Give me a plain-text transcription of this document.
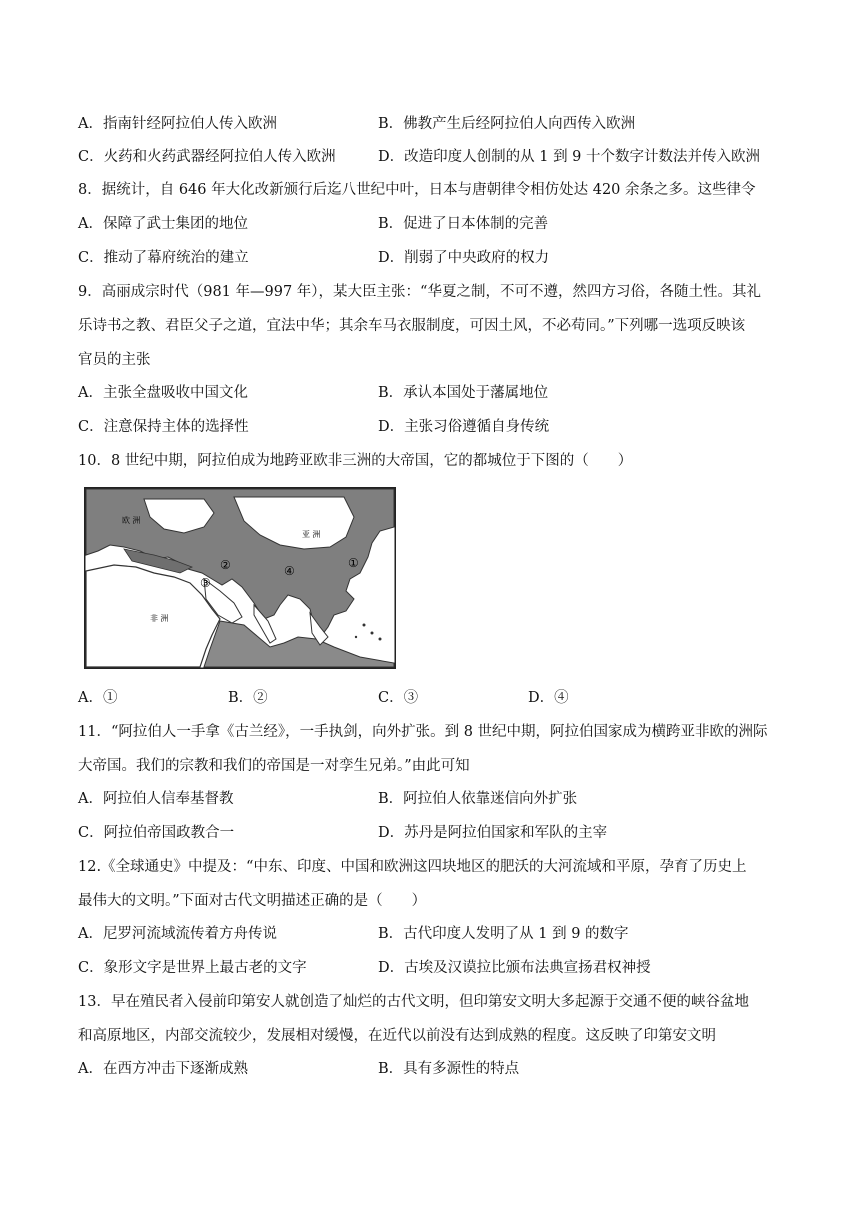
A．指南针经阿拉伯人传入欧洲	B．佛教产生后经阿拉伯人向西传入欧洲
C．火药和火药武器经阿拉伯人传入欧洲	D．改造印度人创制的从 1 到 9 十个数字计数法并传入欧洲
8．据统计，自 646 年大化改新颁行后迄八世纪中叶，日本与唐朝律令相仿处达 420 余条之多。这些律令
A．保障了武士集团的地位	B．促进了日本体制的完善
C．推动了幕府统治的建立	D．削弱了中央政府的权力
9．高丽成宗时代（981 年—997 年），某大臣主张：“华夏之制，不可不遵，然四方习俗，各随土性。其礼
乐诗书之教、君臣父子之道，宜法中华；其余车马衣服制度，可因土风，不必苟同。”下列哪一选项反映该
官员的主张
A．主张全盘吸收中国文化	B．承认本国处于藩属地位
C．注意保持主体的选择性	D．主张习俗遵循自身传统
10．8 世纪中期，阿拉伯成为地跨亚欧非三洲的大帝国，它的都城位于下图的（　　）
欧 洲
亚 洲
非 洲
①
②
③
④
A．①	B．②	C．③	D．④
11．“阿拉伯人一手拿《古兰经》，一手执剑，向外扩张。到 8 世纪中期，阿拉伯国家成为横跨亚非欧的洲际
大帝国。我们的宗教和我们的帝国是一对孪生兄弟。”由此可知
A．阿拉伯人信奉基督教	B．阿拉伯人依靠迷信向外扩张
C．阿拉伯帝国政教合一	D．苏丹是阿拉伯国家和军队的主宰
12.《全球通史》中提及：“中东、印度、中国和欧洲这四块地区的肥沃的大河流域和平原，孕育了历史上
最伟大的文明。”下面对古代文明描述正确的是（　　）
A．尼罗河流域流传着方舟传说	B．古代印度人发明了从 1 到 9 的数字
C．象形文字是世界上最古老的文字	D．古埃及汉谟拉比颁布法典宣扬君权神授
13．早在殖民者入侵前印第安人就创造了灿烂的古代文明，但印第安文明大多起源于交通不便的峡谷盆地
和高原地区，内部交流较少，发展相对缓慢，在近代以前没有达到成熟的程度。这反映了印第安文明
A．在西方冲击下逐渐成熟	B．具有多源性的特点
